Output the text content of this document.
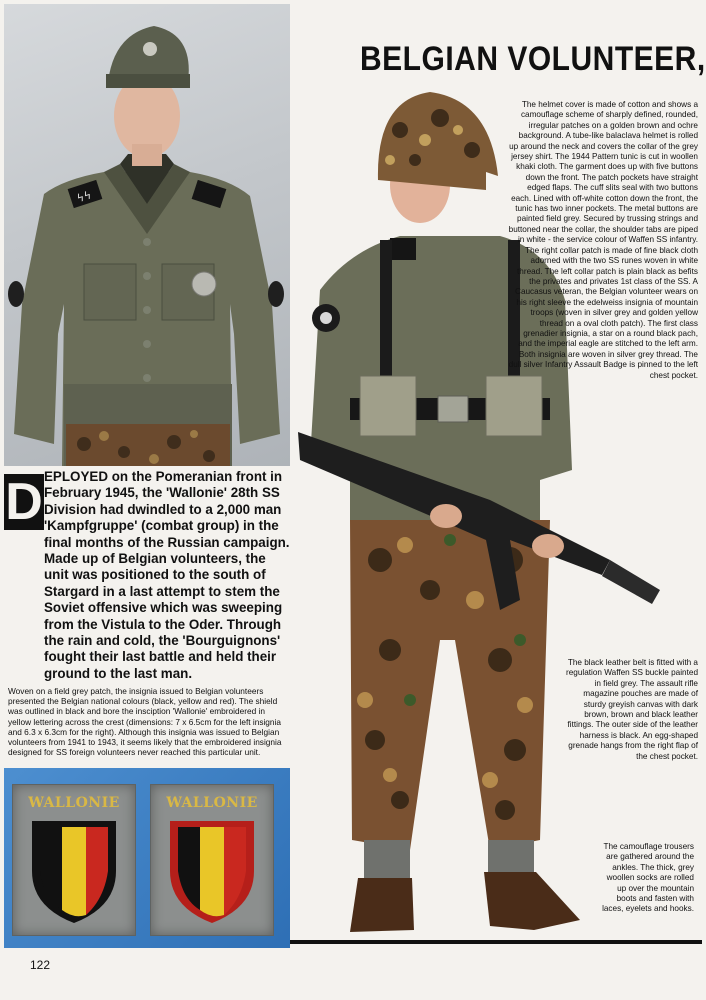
ϟϟ
BELGIAN VOLUNTEER,
The helmet cover is made of cotton and shows a camouflage scheme of sharply defined, rounded, irregular patches on a golden brown and ochre background. A tube-like balaclava helmet is rolled up around the neck and covers the collar of the grey jersey shirt. The 1944 Pattern tunic is cut in woollen khaki cloth. The garment does up with five buttons down the front. The patch pockets have straight edged flaps. The cuff slits seal with two buttons each. Lined with off-white cotton down the front, the tunic has two inner pockets. The metal buttons are painted field grey. Secured by trussing strings and buttoned near the collar, the shoulder tabs are piped in white - the service colour of Waffen SS infantry. The right collar patch is made of fine black cloth adorned with the two SS runes woven in white thread. The left collar patch is plain black as befits the privates and privates 1st class of the SS. A Caucasus veteran, the Belgian volunteer wears on his right sleeve the edelweiss insignia of mountain troops (woven in silver grey and golden yellow thread on a oval cloth patch). The first class grenadier insignia, a star on a round black pach, and the imperial eagle are stitched to the left arm. Both insignia are woven in silver grey thread. The dull silver Infantry Assault Badge is pinned to the left chest pocket.
D EPLOYED on the Pomeranian front in February 1945, the 'Wallonie' 28th SS Division had dwindled to a 2,000 man 'Kampfgruppe' (combat group) in the final months of the Russian campaign. Made up of Belgian volunteers, the unit was positioned to the south of Stargard in a last attempt to stem the Soviet offensive which was sweeping from the Vistula to the Oder. Through the rain and cold, the 'Bourguignons' fought their last battle and held their ground to the last man.
Woven on a field grey patch, the insignia issued to Belgian volunteers presented the Belgian national colours (black, yellow and red). The shield was outlined in black and bore the insciption 'Wallonie' embroidered in yellow lettering across the crest (dimensions: 7 x 6.5cm for the left insignia and 6.3 x 6.3cm for the right). Although this insignia was issued to Belgian volunteers from 1941 to 1943, it seems likely that the embroidered insignia designed for SS foreign volunteers never reached this particular unit.
WALLONIE	WALLONIE
The black leather belt is fitted with a regulation Waffen SS buckle painted in field grey. The assault rifle magazine pouches are made of sturdy greyish canvas with dark brown, brown and black leather fittings. The outer side of the leather harness is black. An egg-shaped grenade hangs from the right flap of the chest pocket.
The camouflage trousers are gathered around the ankles. The thick, grey woollen socks are rolled up over the mountain boots and fasten with laces, eyelets and hooks.
122
